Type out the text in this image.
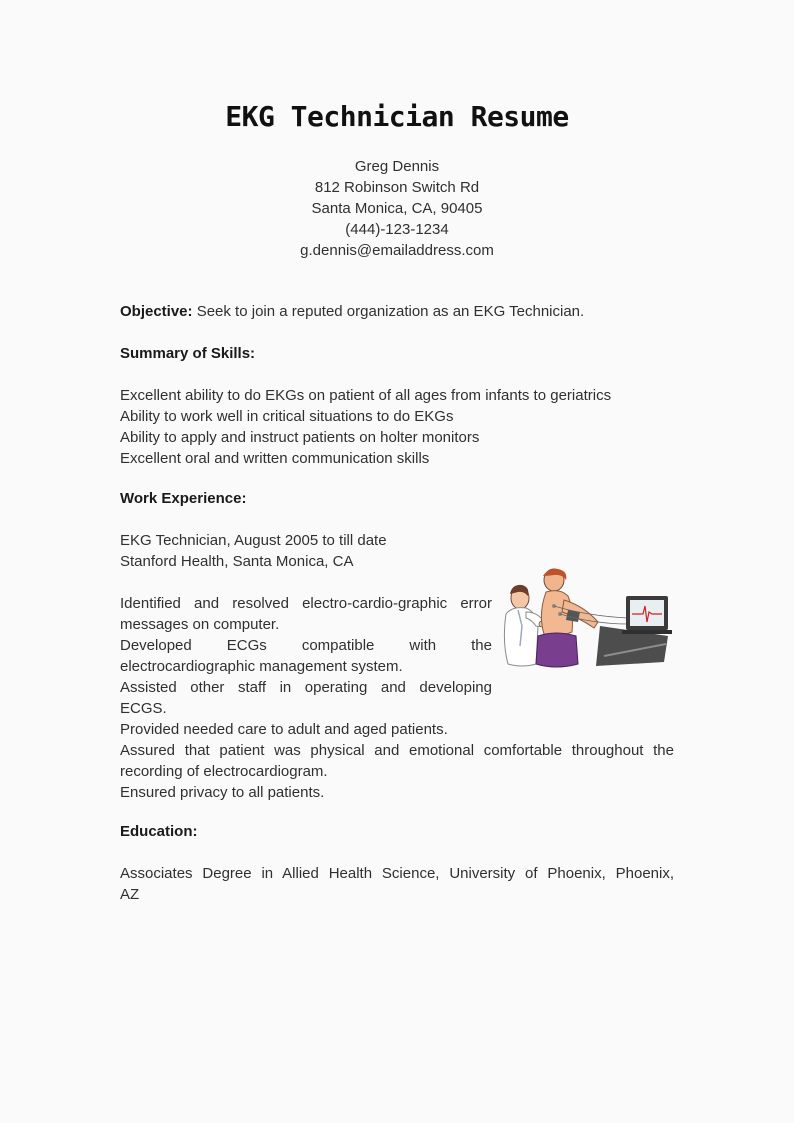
EKG Technician Resume
Greg Dennis
812 Robinson Switch Rd
Santa Monica, CA, 90405
(444)-123-1234
g.dennis@emailaddress.com
Objective: Seek to join a reputed organization as an EKG Technician.
Summary of Skills:
Excellent ability to do EKGs on patient of all ages from infants to geriatrics
Ability to work well in critical situations to do EKGs
Ability to apply and instruct patients on holter monitors
Excellent oral and written communication skills
Work Experience:
EKG Technician, August 2005 to till date
Stanford Health, Santa Monica, CA
Identified and resolved electro-cardio-graphic error
messages on computer.
Developed ECGs compatible with the
electrocardiographic management system.
Assisted other staff in operating and developing
ECGS.
Provided needed care to adult and aged patients.
Assured that patient was physical and emotional comfortable throughout the
recording of electrocardiogram.
Ensured privacy to all patients.
Education:
Associates Degree in Allied Health Science, University of Phoenix, Phoenix,
AZ
